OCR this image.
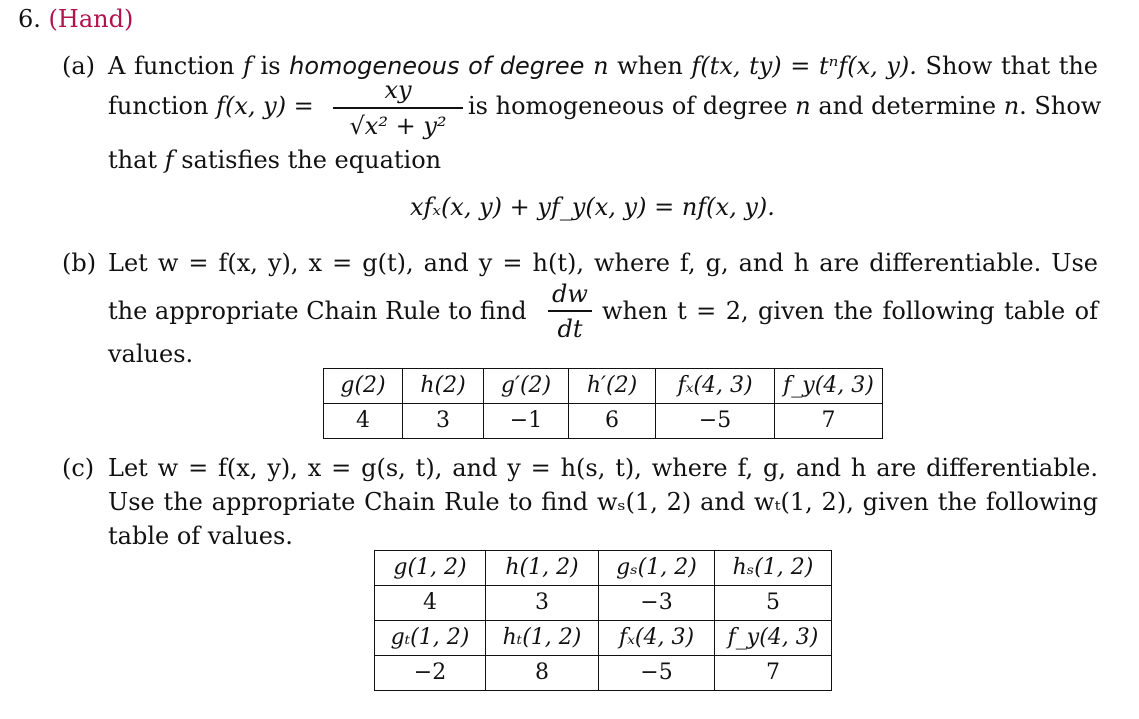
6. (Hand)
(a) A function f is homogeneous of degree n when f(tx, ty) = tⁿf(x, y). Show that the
function f(x, y) =
xy
√x² + y²
is homogeneous of degree n and determine n. Show
that f satisfies the equation
xfₓ(x, y) + yf_y(x, y) = nf(x, y).
(b) Let w = f(x, y), x = g(t), and y = h(t), where f, g, and h are differentiable. Use
the appropriate Chain Rule to find
dw
dt
when t = 2, given the following table of
values.
g(2)	h(2)	g′(2)	h′(2)	fₓ(4, 3)	f_y(4, 3)
4	3	−1	6	−5	7
(c) Let w = f(x, y), x = g(s, t), and y = h(s, t), where f, g, and h are differentiable.
Use the appropriate Chain Rule to find wₛ(1, 2) and wₜ(1, 2), given the following
table of values.
g(1, 2)	h(1, 2)	gₛ(1, 2)	hₛ(1, 2)
4	3	−3	5
gₜ(1, 2)	hₜ(1, 2)	fₓ(4, 3)	f_y(4, 3)
−2	8	−5	7
